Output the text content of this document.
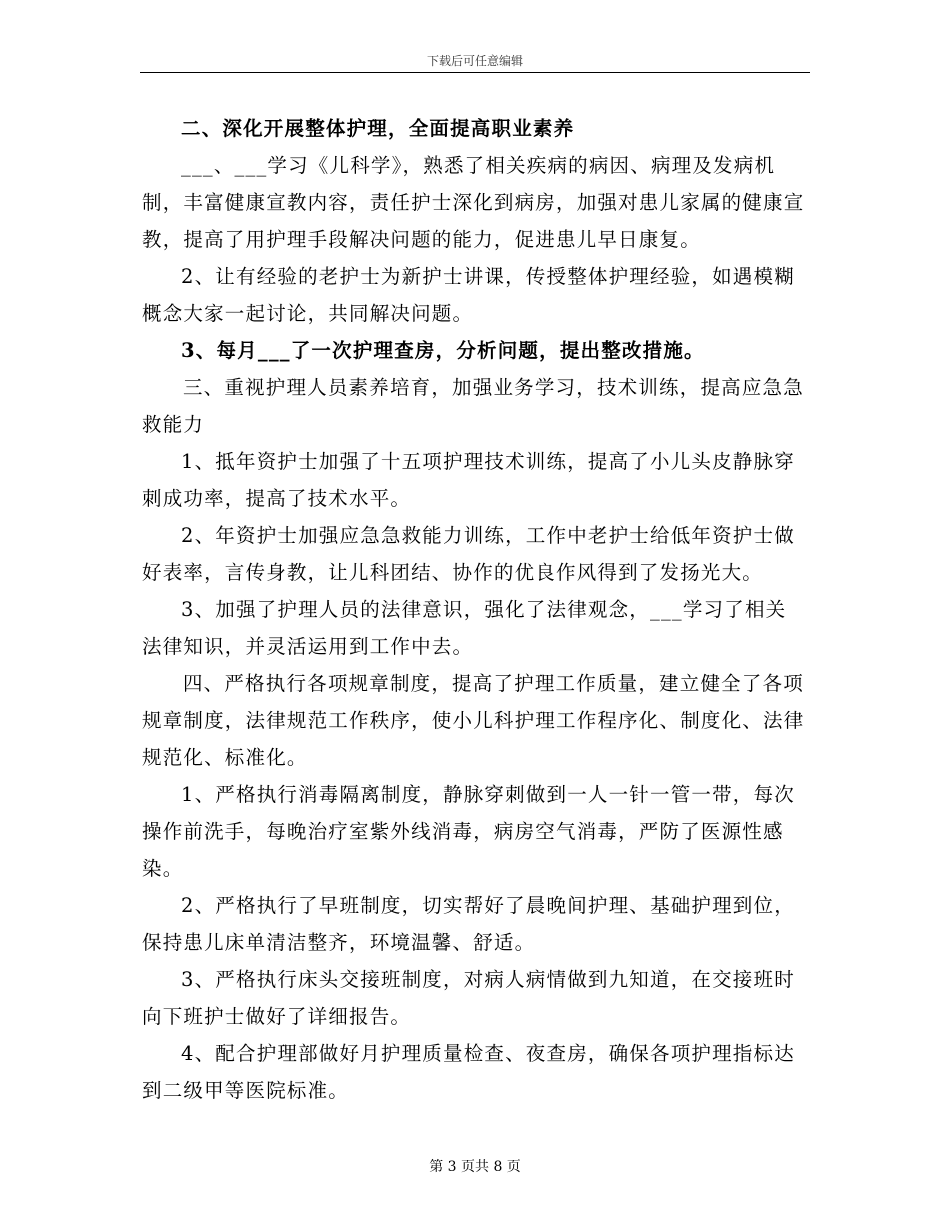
下载后可任意编辑

二、深化开展整体护理，全面提高职业素养

___、___学习《儿科学》，熟悉了相关疾病的病因、病理及发病机制，丰富健康宣教内容，责任护士深化到病房，加强对患儿家属的健康宣教，提高了用护理手段解决问题的能力，促进患儿早日康复。

2、让有经验的老护士为新护士讲课，传授整体护理经验，如遇模糊概念大家一起讨论，共同解决问题。

3、每月___了一次护理查房，分析问题，提出整改措施。

三、重视护理人员素养培育，加强业务学习，技术训练，提高应急急救能力

1、抵年资护士加强了十五项护理技术训练，提高了小儿头皮静脉穿刺成功率，提高了技术水平。

2、年资护士加强应急急救能力训练，工作中老护士给低年资护士做好表率，言传身教，让儿科团结、协作的优良作风得到了发扬光大。

3、加强了护理人员的法律意识，强化了法律观念，___学习了相关法律知识，并灵活运用到工作中去。

四、严格执行各项规章制度，提高了护理工作质量，建立健全了各项规章制度，法律规范工作秩序，使小儿科护理工作程序化、制度化、法律规范化、标准化。

1、严格执行消毒隔离制度，静脉穿刺做到一人一针一管一带，每次操作前洗手，每晚治疗室紫外线消毒，病房空气消毒，严防了医源性感染。

2、严格执行了早班制度，切实帮好了晨晚间护理、基础护理到位，保持患儿床单清洁整齐，环境温馨、舒适。

3、严格执行床头交接班制度，对病人病情做到九知道，在交接班时向下班护士做好了详细报告。

4、配合护理部做好月护理质量检查、夜查房，确保各项护理指标达到二级甲等医院标准。

第 3 页共 8 页
